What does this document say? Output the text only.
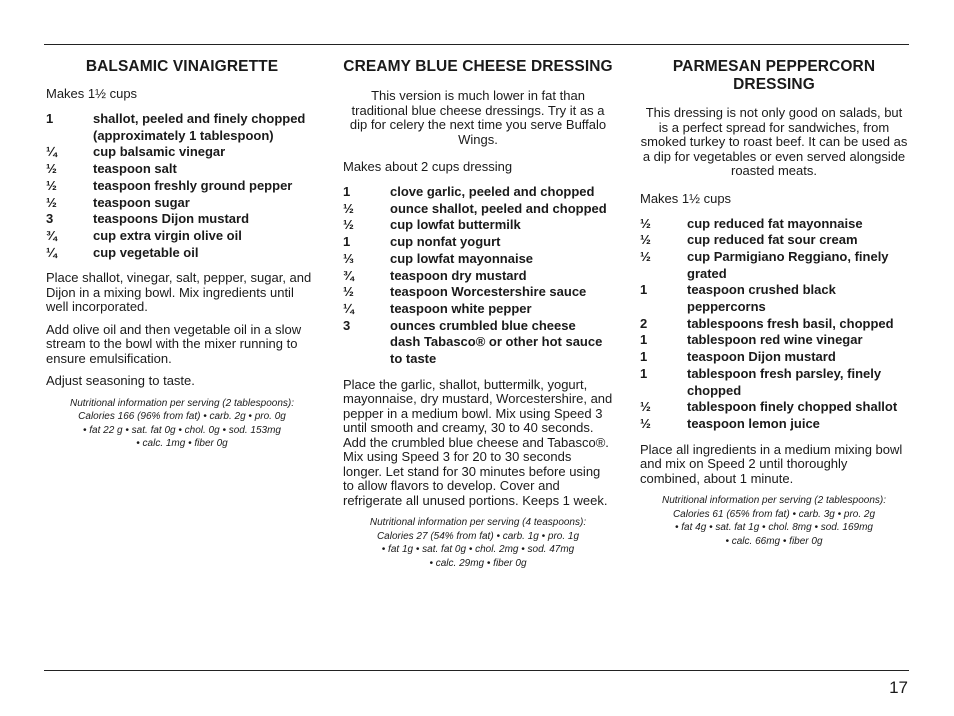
BALSAMIC VINAIGRETTE

Makes 1½ cups

1	shallot, peeled and finely chopped (approximately 1 tablespoon)
¼	cup balsamic vinegar
½	teaspoon salt
½	teaspoon freshly ground pepper
½	teaspoon sugar
3	teaspoons Dijon mustard
¾	cup extra virgin olive oil
¼	cup vegetable oil

Place shallot, vinegar, salt, pepper, sugar, and Dijon in a mixing bowl. Mix ingredients until well incorporated.

Add olive oil and then vegetable oil in a slow stream to the bowl with the mixer running to ensure emulsification.

Adjust seasoning to taste.

Nutritional information per serving (2 tablespoons):
Calories 166 (96% from fat) • carb. 2g • pro. 0g
• fat 22 g • sat. fat 0g • chol. 0g • sod. 153mg
• calc. 1mg • fiber 0g
CREAMY BLUE CHEESE DRESSING

This version is much lower in fat than traditional blue cheese dressings. Try it as a dip for celery the next time you serve Buffalo Wings.

Makes about 2 cups dressing

1	clove garlic, peeled and chopped
½	ounce shallot, peeled and chopped
½	cup lowfat buttermilk
1	cup nonfat yogurt
⅓	cup lowfat mayonnaise
¾	teaspoon dry mustard
½	teaspoon Worcestershire sauce
¼	teaspoon white pepper
3	ounces crumbled blue cheese
dash Tabasco® or other hot sauce to taste

Place the garlic, shallot, buttermilk, yogurt, mayonnaise, dry mustard, Worcestershire, and pepper in a medium bowl. Mix using Speed 3 until smooth and creamy, 30 to 40 seconds. Add the crumbled blue cheese and Tabasco®. Mix using Speed 3 for 20 to 30 seconds longer. Let stand for 30 minutes before using to allow flavors to develop. Cover and refrigerate all unused portions. Keeps 1 week.

Nutritional information per serving (4 teaspoons):
Calories 27 (54% from fat) • carb. 1g • pro. 1g
• fat 1g • sat. fat 0g • chol. 2mg • sod. 47mg
• calc. 29mg • fiber 0g
PARMESAN PEPPERCORN DRESSING

This dressing is not only good on salads, but is a perfect spread for sandwiches, from smoked turkey to roast beef. It can be used as a dip for vegetables or even served alongside roasted meats.

Makes 1½ cups

½	cup reduced fat mayonnaise
½	cup reduced fat sour cream
½	cup Parmigiano Reggiano, finely grated
1	teaspoon crushed black peppercorns
2	tablespoons fresh basil, chopped
1	tablespoon red wine vinegar
1	teaspoon Dijon mustard
1	tablespoon fresh parsley, finely chopped
½	tablespoon finely chopped shallot
½	teaspoon lemon juice

Place all ingredients in a medium mixing bowl and mix on Speed 2 until thoroughly combined, about 1 minute.

Nutritional information per serving (2 tablespoons):
Calories 61 (65% from fat) • carb. 3g • pro. 2g
• fat 4g • sat. fat 1g • chol. 8mg • sod. 169mg
• calc. 66mg • fiber 0g
17
